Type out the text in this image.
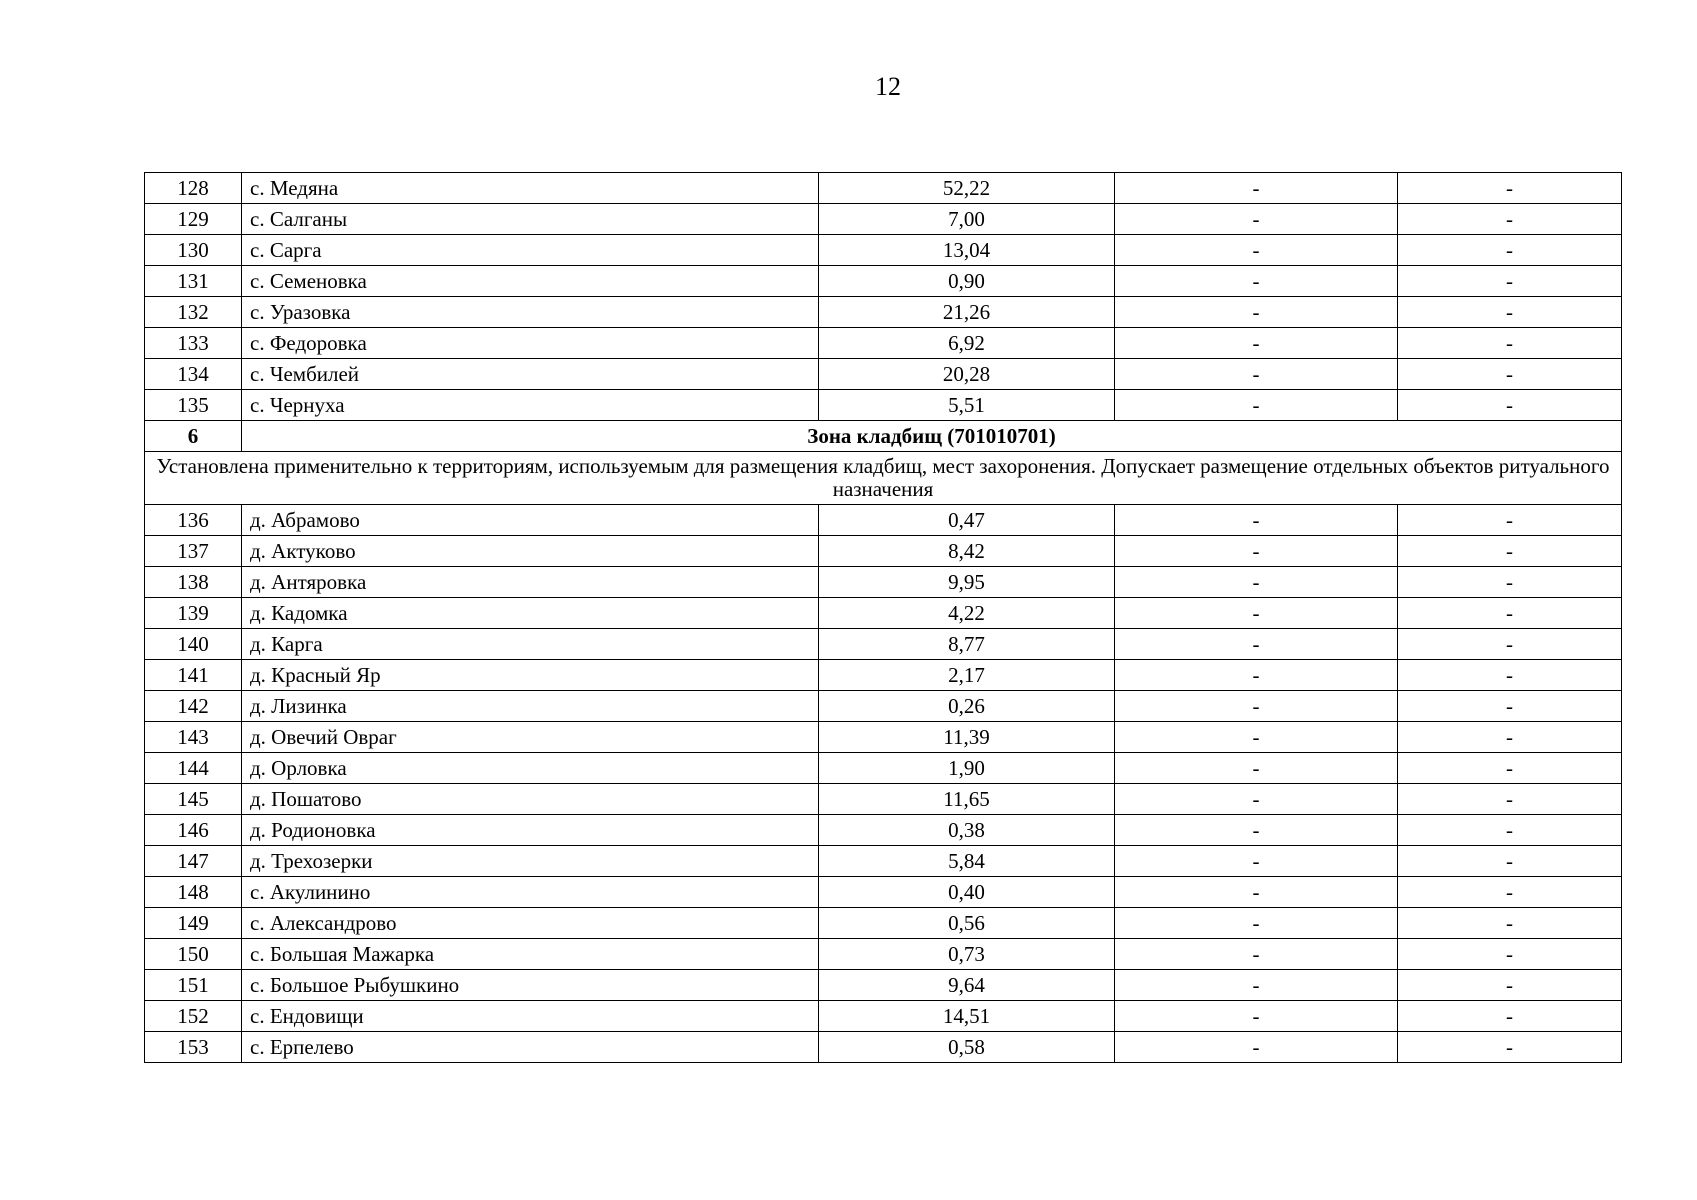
12
128	с. Медяна	52,22	-	-
129	с. Салганы	7,00	-	-
130	с. Сарга	13,04	-	-
131	с. Семеновка	0,90	-	-
132	с. Уразовка	21,26	-	-
133	с. Федоровка	6,92	-	-
134	с. Чембилей	20,28	-	-
135	с. Чернуха	5,51	-	-
6	Зона кладбищ (701010701)			
Установлена применительно к территориям, используемым для размещения кладбищ, мест захоронения. Допускает размещение отдельных объектов ритуального назначения				
136	д. Абрамово	0,47	-	-
137	д. Актуково	8,42	-	-
138	д. Антяровка	9,95	-	-
139	д. Кадомка	4,22	-	-
140	д. Карга	8,77	-	-
141	д. Красный Яр	2,17	-	-
142	д. Лизинка	0,26	-	-
143	д. Овечий Овраг	11,39	-	-
144	д. Орловка	1,90	-	-
145	д. Пошатово	11,65	-	-
146	д. Родионовка	0,38	-	-
147	д. Трехозерки	5,84	-	-
148	с. Акулинино	0,40	-	-
149	с. Александрово	0,56	-	-
150	с. Большая Мажарка	0,73	-	-
151	с. Большое Рыбушкино	9,64	-	-
152	с. Ендовищи	14,51	-	-
153	с. Ерпелево	0,58	-	-
